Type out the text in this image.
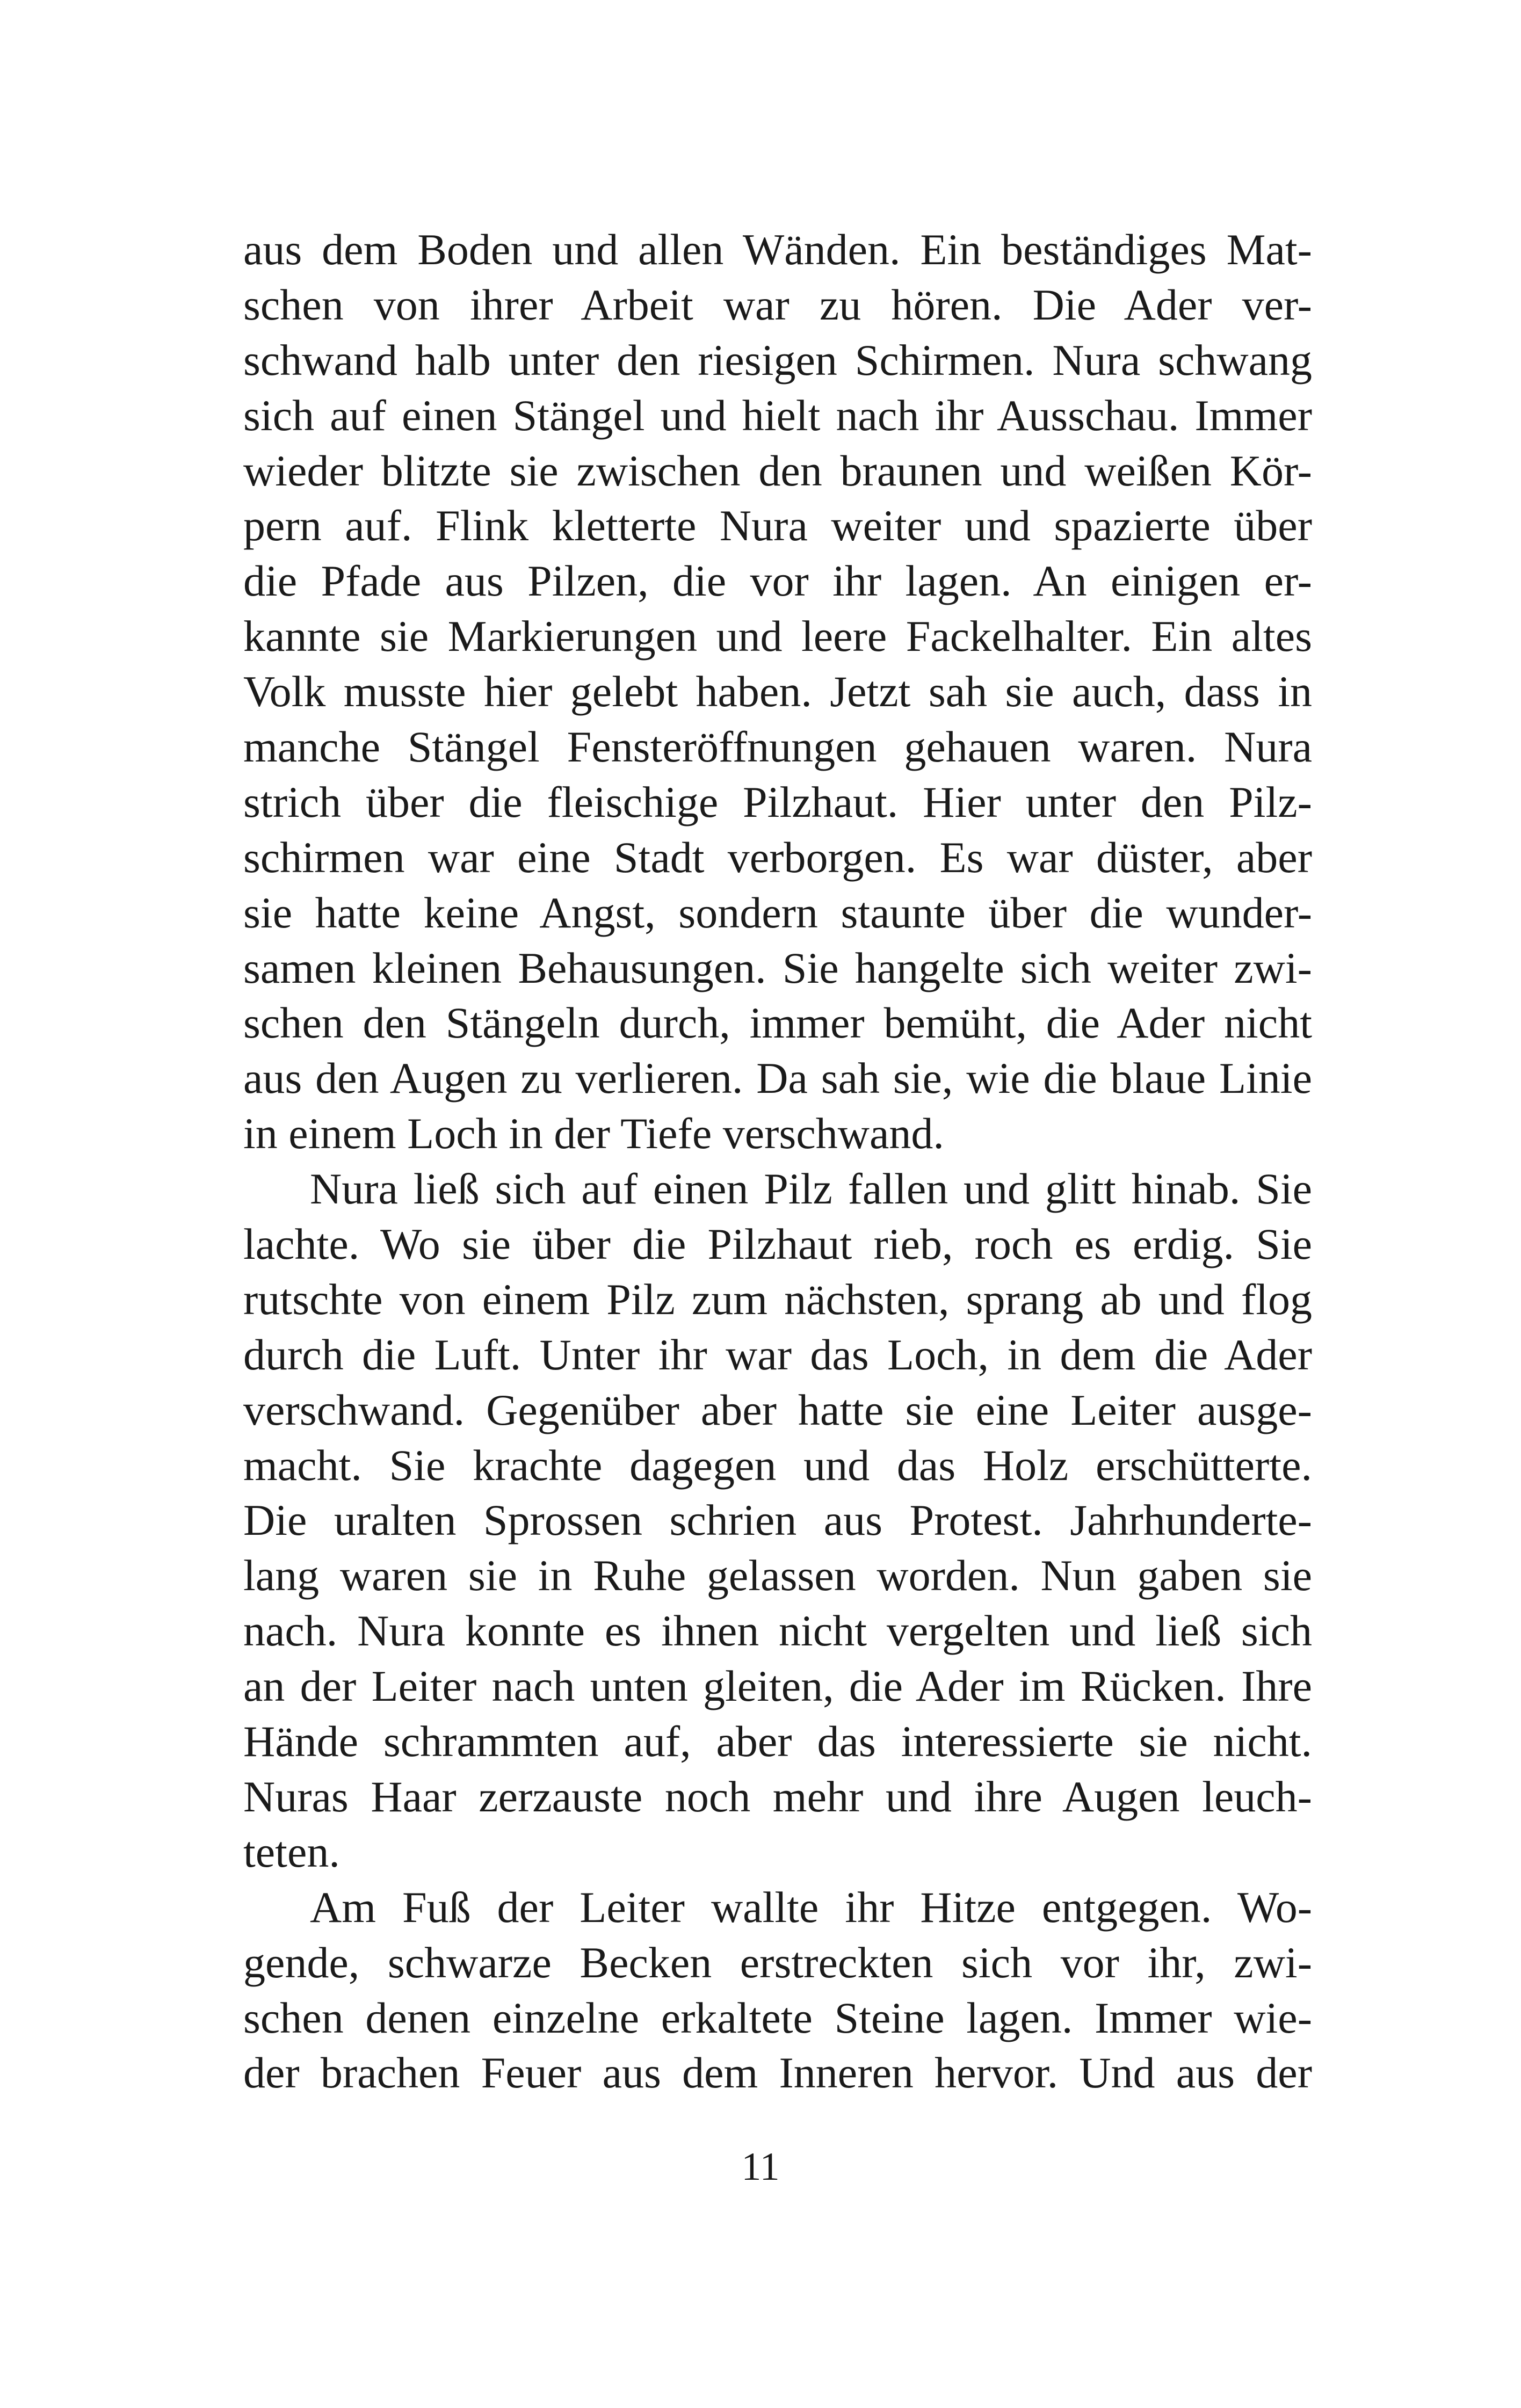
aus dem Boden und allen Wänden. Ein beständiges Mat-
schen von ihrer Arbeit war zu hören. Die Ader ver-
schwand halb unter den riesigen Schirmen. Nura schwang
sich auf einen Stängel und hielt nach ihr Ausschau. Immer
wieder blitzte sie zwischen den braunen und weißen Kör-
pern auf. Flink kletterte Nura weiter und spazierte über
die Pfade aus Pilzen, die vor ihr lagen. An einigen er-
kannte sie Markierungen und leere Fackelhalter. Ein altes
Volk musste hier gelebt haben. Jetzt sah sie auch, dass in
manche Stängel Fensteröffnungen gehauen waren. Nura
strich über die fleischige Pilzhaut. Hier unter den Pilz-
schirmen war eine Stadt verborgen. Es war düster, aber
sie hatte keine Angst, sondern staunte über die wunder-
samen kleinen Behausungen. Sie hangelte sich weiter zwi-
schen den Stängeln durch, immer bemüht, die Ader nicht
aus den Augen zu verlieren. Da sah sie, wie die blaue Linie
in einem Loch in der Tiefe verschwand.
Nura ließ sich auf einen Pilz fallen und glitt hinab. Sie
lachte. Wo sie über die Pilzhaut rieb, roch es erdig. Sie
rutschte von einem Pilz zum nächsten, sprang ab und flog
durch die Luft. Unter ihr war das Loch, in dem die Ader
verschwand. Gegenüber aber hatte sie eine Leiter ausge-
macht. Sie krachte dagegen und das Holz erschütterte.
Die uralten Sprossen schrien aus Protest. Jahrhunderte-
lang waren sie in Ruhe gelassen worden. Nun gaben sie
nach. Nura konnte es ihnen nicht vergelten und ließ sich
an der Leiter nach unten gleiten, die Ader im Rücken. Ihre
Hände schrammten auf, aber das interessierte sie nicht.
Nuras Haar zerzauste noch mehr und ihre Augen leuch-
teten.
Am Fuß der Leiter wallte ihr Hitze entgegen. Wo-
gende, schwarze Becken erstreckten sich vor ihr, zwi-
schen denen einzelne erkaltete Steine lagen. Immer wie-
der brachen Feuer aus dem Inneren hervor. Und aus der
11
